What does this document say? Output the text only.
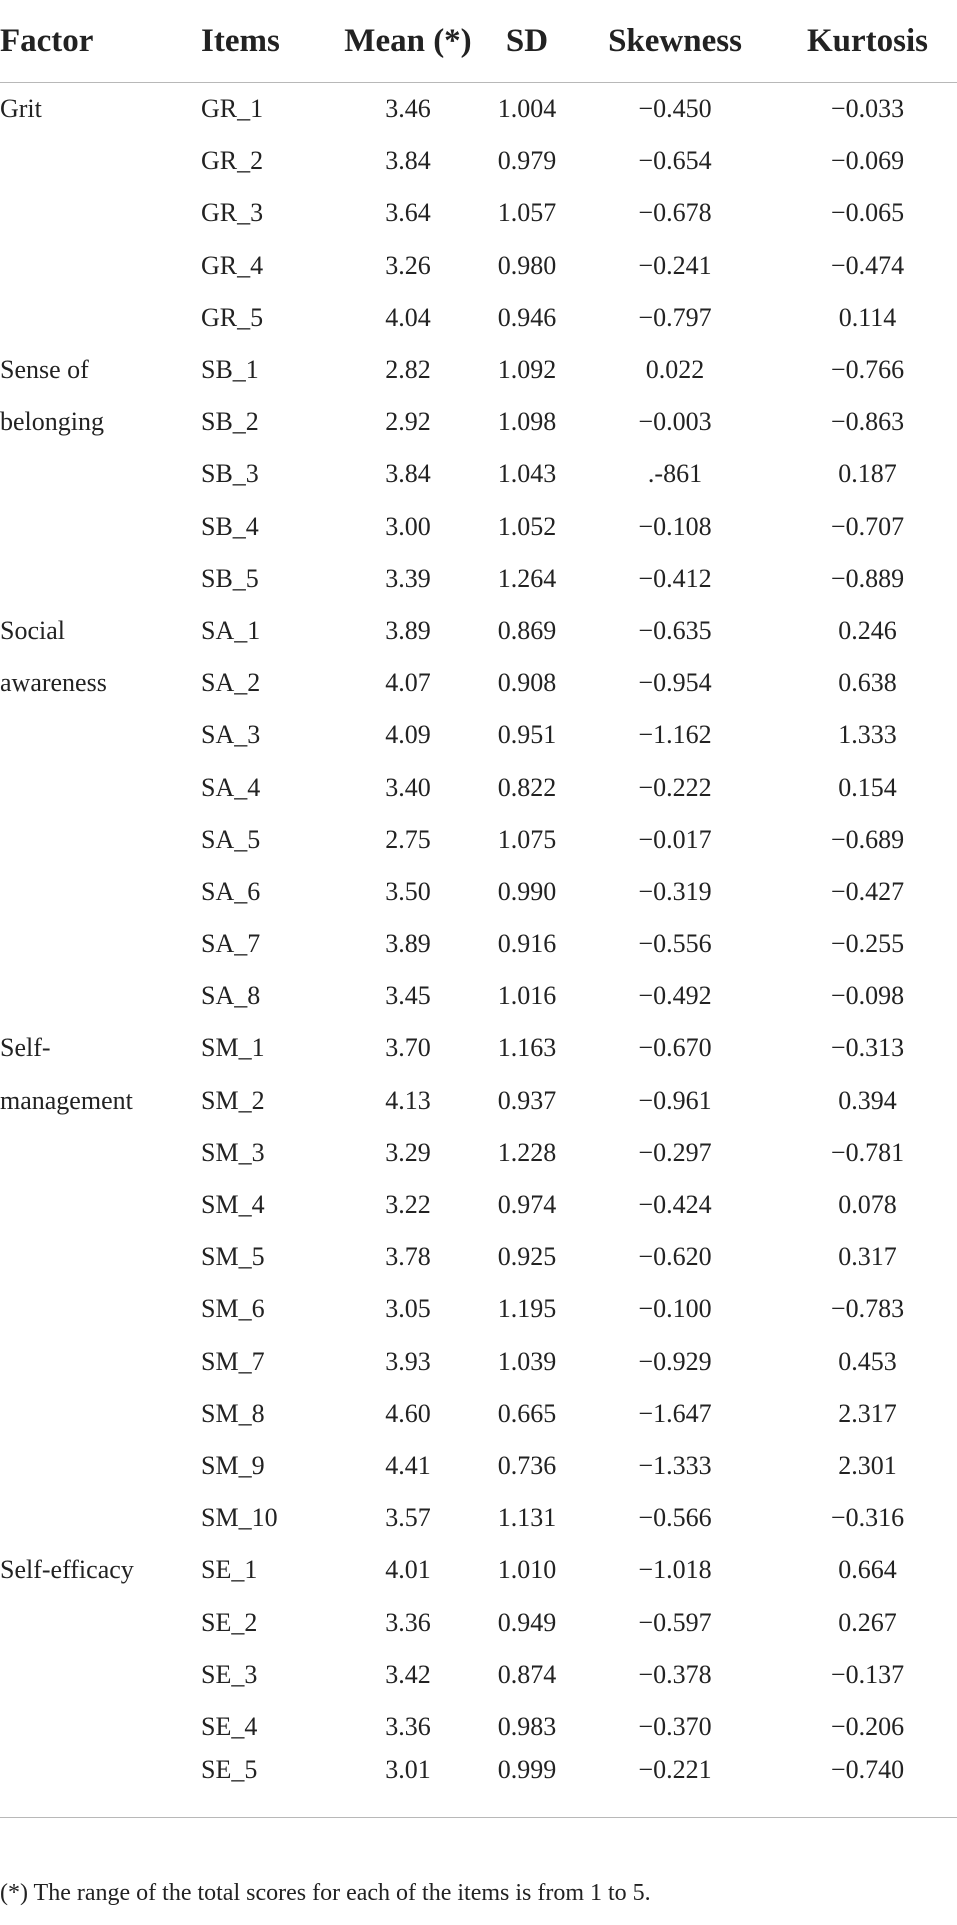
Factor	Items	Mean (*)	SD	Skewness	Kurtosis
Grit	GR_1	3.46	1.004	−0.450	−0.033
	GR_2	3.84	0.979	−0.654	−0.069
	GR_3	3.64	1.057	−0.678	−0.065
	GR_4	3.26	0.980	−0.241	−0.474
	GR_5	4.04	0.946	−0.797	0.114
Sense of	SB_1	2.82	1.092	0.022	−0.766
belonging	SB_2	2.92	1.098	−0.003	−0.863
	SB_3	3.84	1.043	.-861	0.187
	SB_4	3.00	1.052	−0.108	−0.707
	SB_5	3.39	1.264	−0.412	−0.889
Social	SA_1	3.89	0.869	−0.635	0.246
awareness	SA_2	4.07	0.908	−0.954	0.638
	SA_3	4.09	0.951	−1.162	1.333
	SA_4	3.40	0.822	−0.222	0.154
	SA_5	2.75	1.075	−0.017	−0.689
	SA_6	3.50	0.990	−0.319	−0.427
	SA_7	3.89	0.916	−0.556	−0.255
	SA_8	3.45	1.016	−0.492	−0.098
Self-	SM_1	3.70	1.163	−0.670	−0.313
management	SM_2	4.13	0.937	−0.961	0.394
	SM_3	3.29	1.228	−0.297	−0.781
	SM_4	3.22	0.974	−0.424	0.078
	SM_5	3.78	0.925	−0.620	0.317
	SM_6	3.05	1.195	−0.100	−0.783
	SM_7	3.93	1.039	−0.929	0.453
	SM_8	4.60	0.665	−1.647	2.317
	SM_9	4.41	0.736	−1.333	2.301
	SM_10	3.57	1.131	−0.566	−0.316
Self-efficacy	SE_1	4.01	1.010	−1.018	0.664
	SE_2	3.36	0.949	−0.597	0.267
	SE_3	3.42	0.874	−0.378	−0.137
	SE_4	3.36	0.983	−0.370	−0.206
	SE_5	3.01	0.999	−0.221	−0.740
(*) The range of the total scores for each of the items is from 1 to 5.
